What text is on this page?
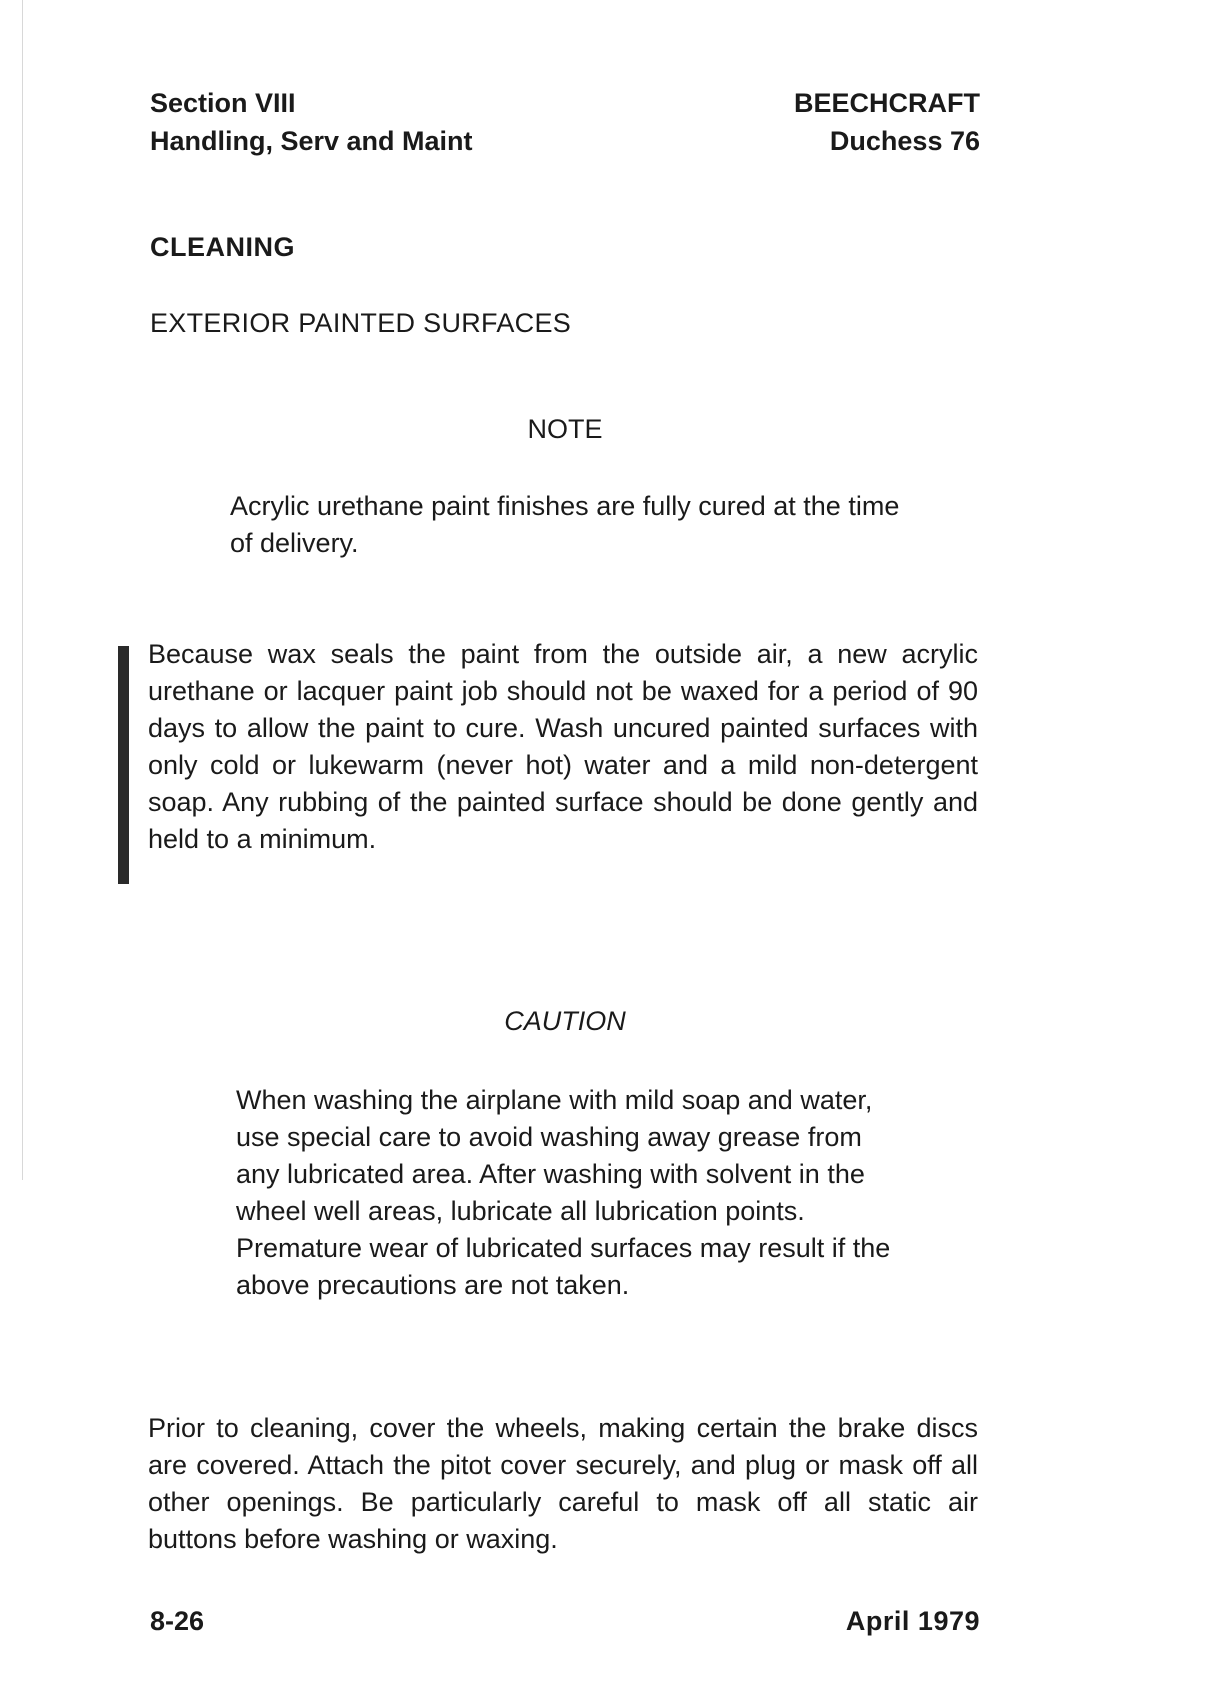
Section VIII
Handling, Serv and Maint
BEECHCRAFT
Duchess 76
CLEANING
EXTERIOR PAINTED SURFACES
NOTE
Acrylic urethane paint finishes are fully cured at the time of delivery.
Because wax seals the paint from the outside air, a new acrylic urethane or lacquer paint job should not be waxed for a period of 90 days to allow the paint to cure. Wash uncured painted surfaces with only cold or lukewarm (never hot) water and a mild non-detergent soap. Any rubbing of the painted surface should be done gently and held to a minimum.
CAUTION
When washing the airplane with mild soap and water, use special care to avoid washing away grease from any lubricated area. After washing with solvent in the wheel well areas, lubricate all lubrication points. Premature wear of lubricated surfaces may result if the above precautions are not taken.
Prior to cleaning, cover the wheels, making certain the brake discs are covered. Attach the pitot cover securely, and plug or mask off all other openings. Be particularly careful to mask off all static air buttons before washing or waxing.
8-26	April 1979
